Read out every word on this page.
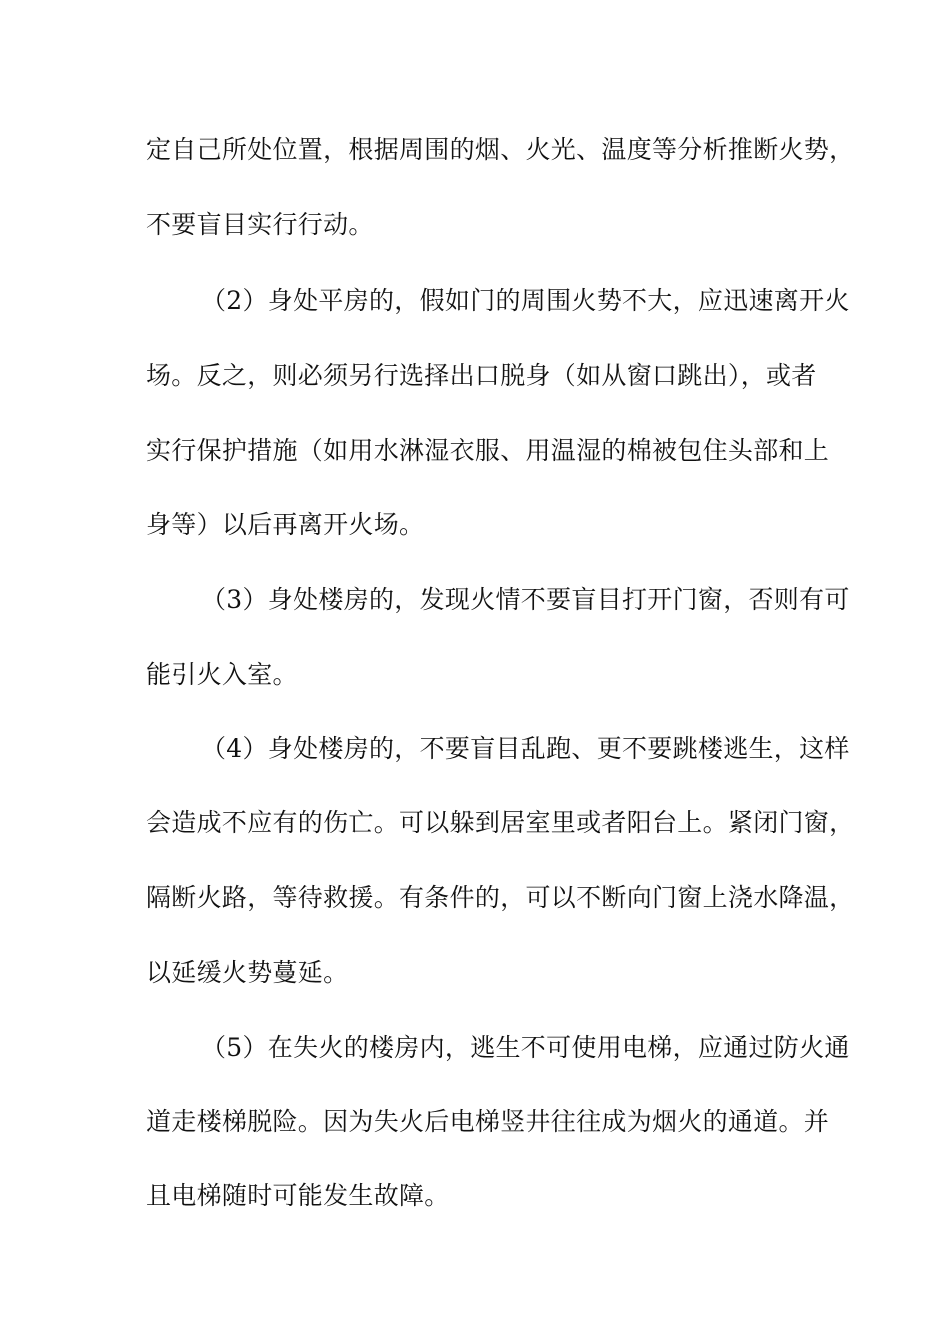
定自己所处位置，根据周围的烟、火光、温度等分析推断火势，
不要盲目实行行动。
（2）身处平房的，假如门的周围火势不大，应迅速离开火
场。反之，则必须另行选择出口脱身（如从窗口跳出），或者
实行保护措施（如用水淋湿衣服、用温湿的棉被包住头部和上
身等）以后再离开火场。
（3）身处楼房的，发现火情不要盲目打开门窗，否则有可
能引火入室。
（4）身处楼房的，不要盲目乱跑、更不要跳楼逃生，这样
会造成不应有的伤亡。可以躲到居室里或者阳台上。紧闭门窗，
隔断火路，等待救援。有条件的，可以不断向门窗上浇水降温，
以延缓火势蔓延。
（5）在失火的楼房内，逃生不可使用电梯，应通过防火通
道走楼梯脱险。因为失火后电梯竖井往往成为烟火的通道。并
且电梯随时可能发生故障。
